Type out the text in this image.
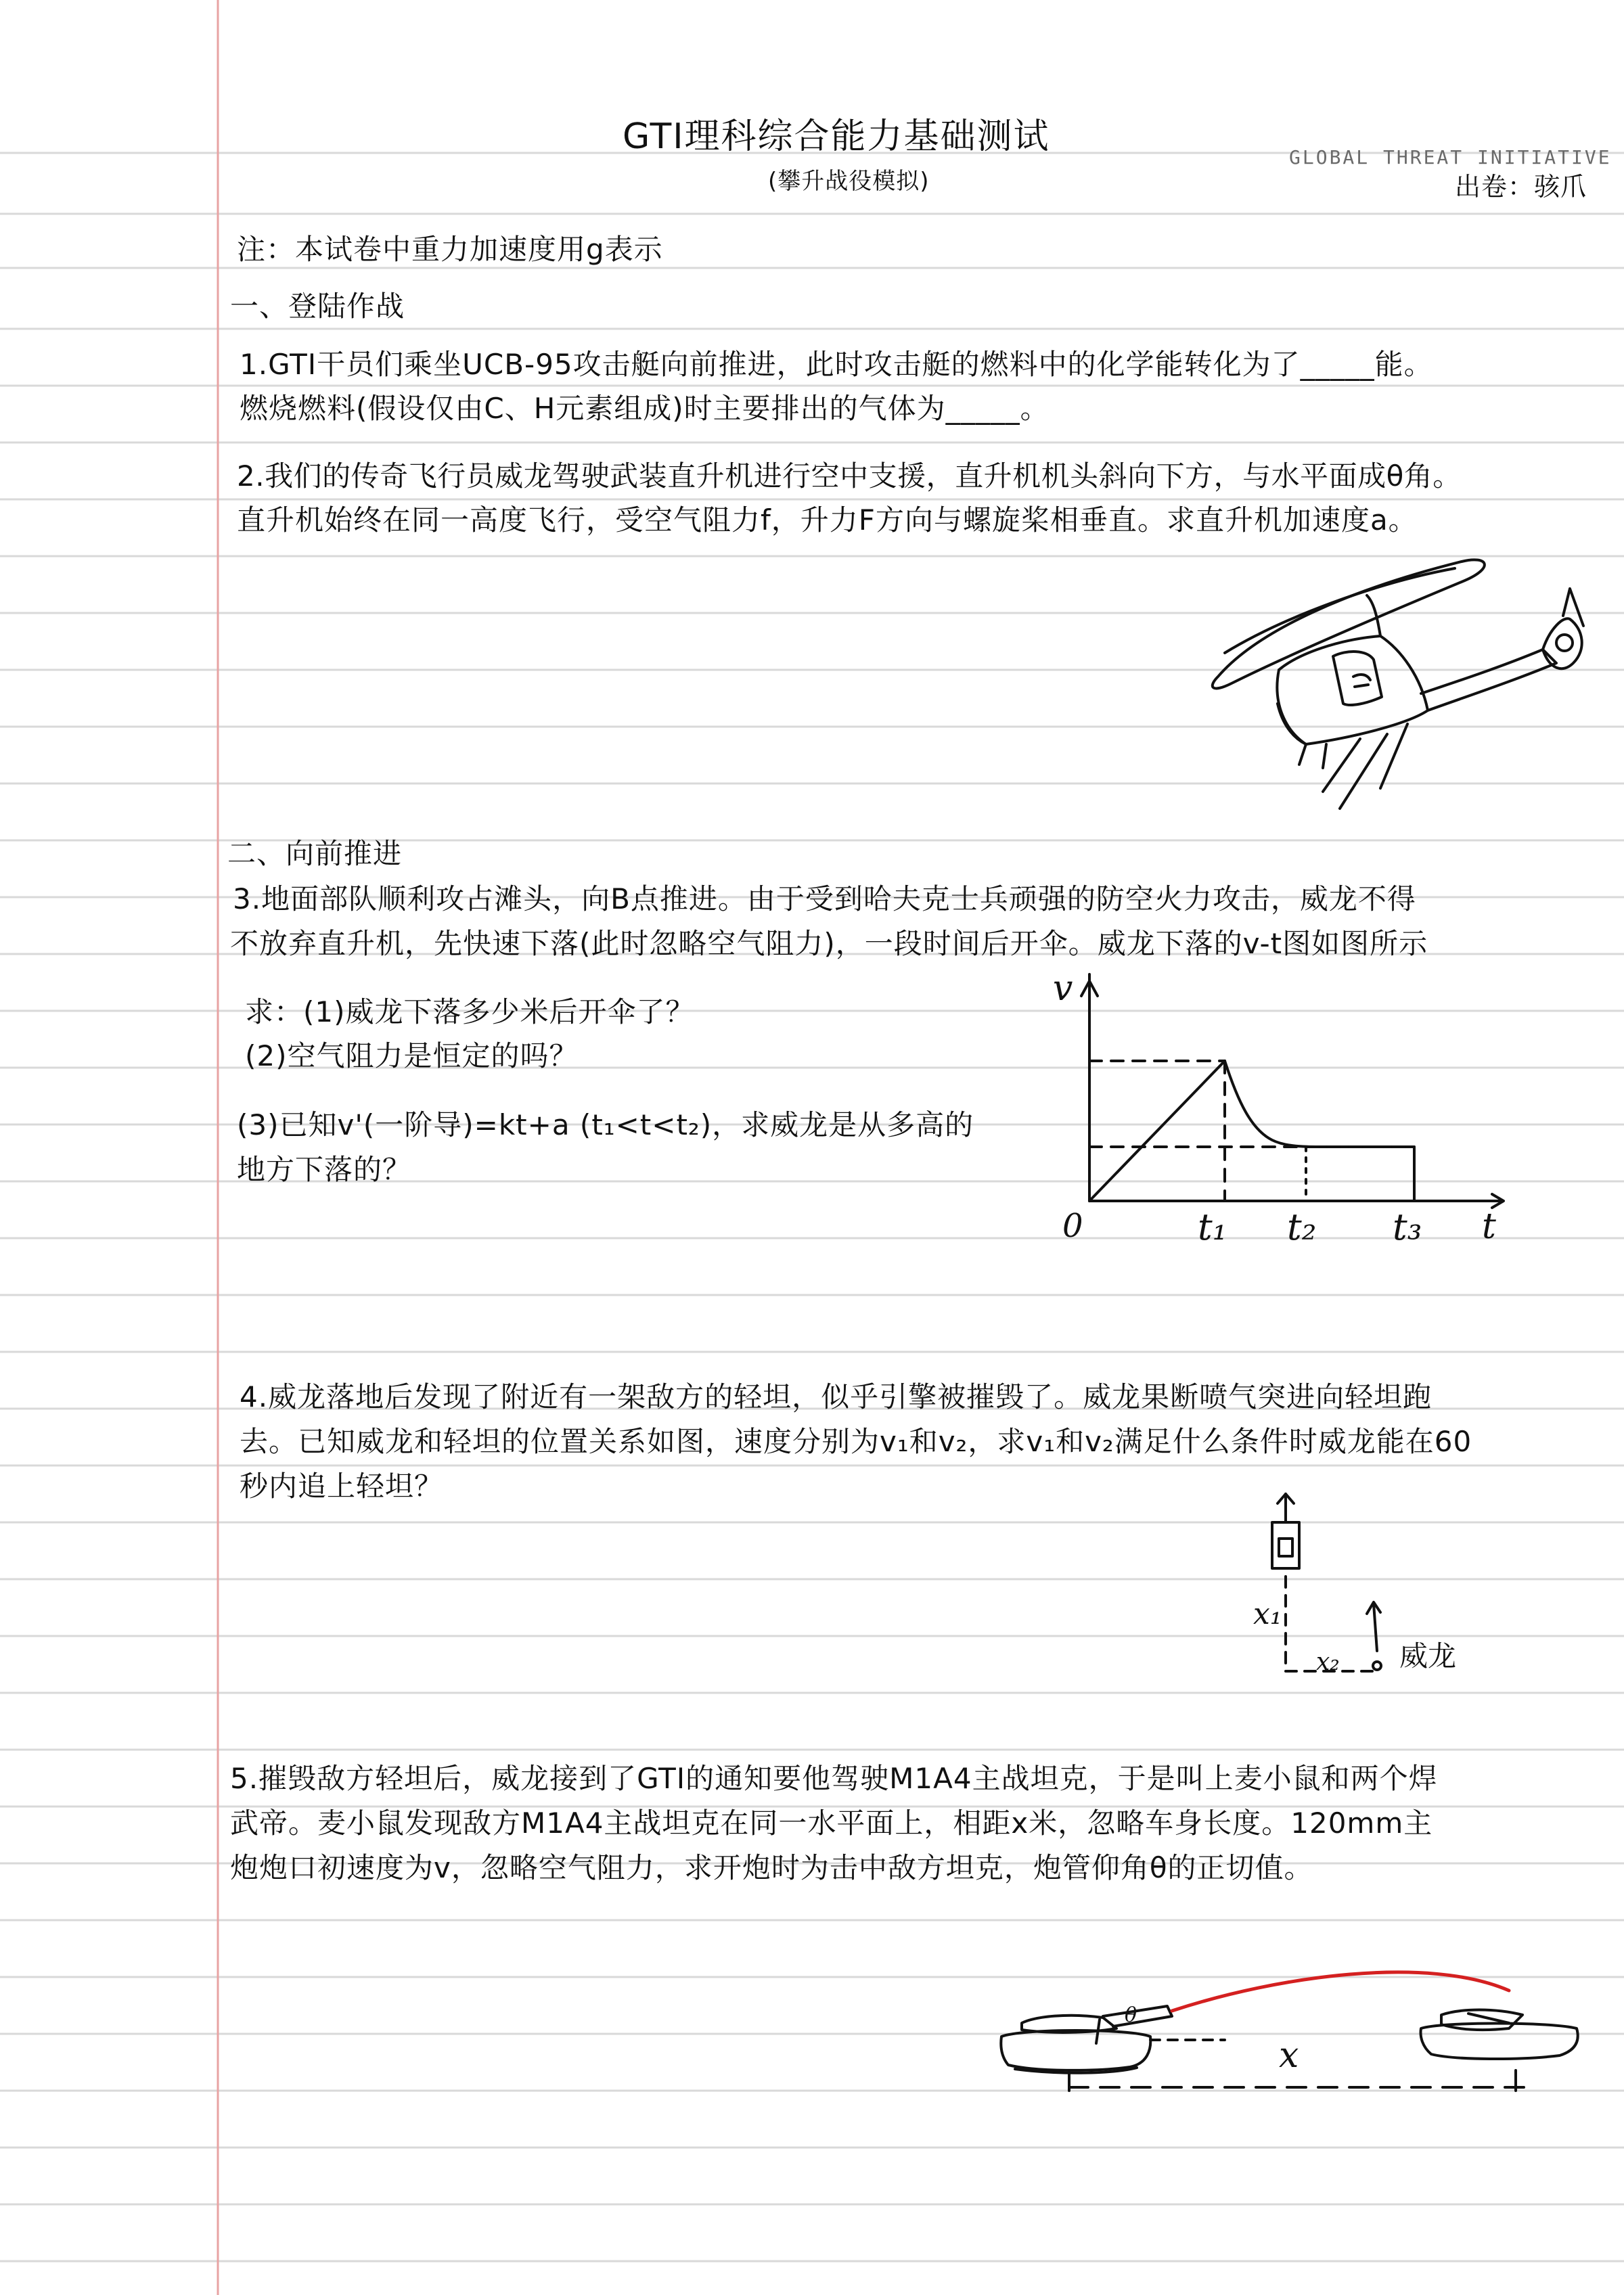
GTI理科综合能力基础测试
GLOBAL THREAT INITIATIVE
(攀升战役模拟)	出卷：骇爪
注：本试卷中重力加速度用g表示
一、登陆作战
1.GTI干员们乘坐UCB-95攻击艇向前推进，此时攻击艇的燃料中的化学能转化为了_____能。
燃烧燃料(假设仅由C、H元素组成)时主要排出的气体为_____。
2.我们的传奇飞行员威龙驾驶武装直升机进行空中支援，直升机机头斜向下方，与水平面成θ角。
直升机始终在同一高度飞行，受空气阻力f，升力F方向与螺旋桨相垂直。求直升机加速度a。
二、向前推进
3.地面部队顺利攻占滩头，向B点推进。由于受到哈夫克士兵顽强的防空火力攻击，威龙不得
不放弃直升机，先快速下落(此时忽略空气阻力)，一段时间后开伞。威龙下落的v-t图如图所示
求：(1)威龙下落多少米后开伞了？
(2)空气阻力是恒定的吗？
(3)已知v'(一阶导)=kt+a (t₁<t<t₂)，求威龙是从多高的
地方下落的？
v
0	t₁ t₂ t₃ t
4.威龙落地后发现了附近有一架敌方的轻坦，似乎引擎被摧毁了。威龙果断喷气突进向轻坦跑
去。已知威龙和轻坦的位置关系如图，速度分别为v₁和v₂，求v₁和v₂满足什么条件时威龙能在60
秒内追上轻坦？
x₁
x₂ 威龙
5.摧毁敌方轻坦后，威龙接到了GTI的通知要他驾驶M1A4主战坦克，于是叫上麦小鼠和两个焊
武帝。麦小鼠发现敌方M1A4主战坦克在同一水平面上，相距x米，忽略车身长度。120mm主
炮炮口初速度为v，忽略空气阻力，求开炮时为击中敌方坦克，炮管仰角θ的正切值。
x
θ
